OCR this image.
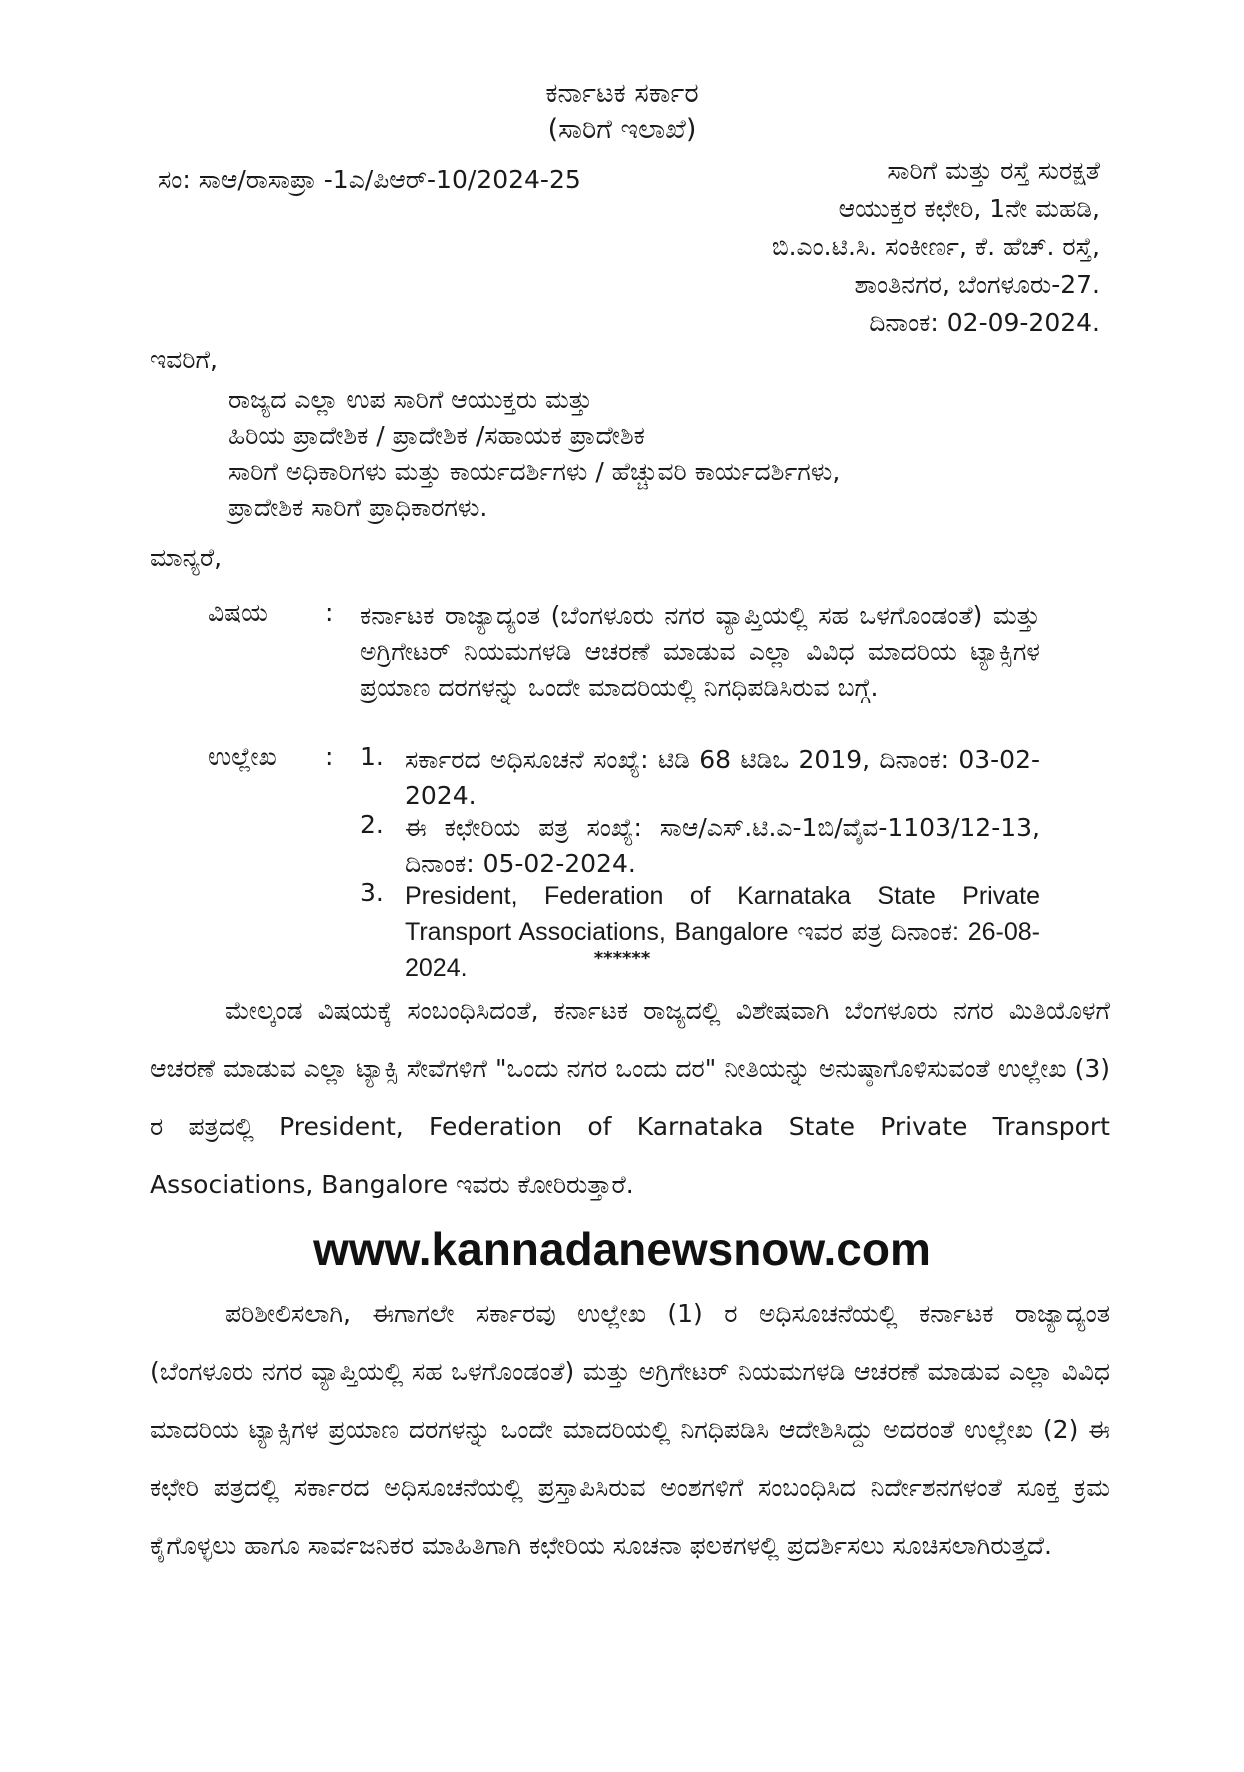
ಕರ್ನಾಟಕ ಸರ್ಕಾರ
(ಸಾರಿಗೆ ಇಲಾಖೆ)
ಸಂ: ಸಾಆ/ರಾಸಾಪ್ರಾ -1ಎ/ಪಿಆರ್-10/2024-25	ಸಾರಿಗೆ ಮತ್ತು ರಸ್ತೆ ಸುರಕ್ಷತೆ
ಆಯುಕ್ತರ ಕಛೇರಿ, 1ನೇ ಮಹಡಿ,
ಬಿ.ಎಂ.ಟಿ.ಸಿ. ಸಂಕೀರ್ಣ, ಕೆ. ಹೆಚ್. ರಸ್ತೆ,
ಶಾಂತಿನಗರ, ಬೆಂಗಳೂರು-27.
ದಿನಾಂಕ: 02-09-2024.
ಇವರಿಗೆ,
ರಾಜ್ಯದ ಎಲ್ಲಾ ಉಪ ಸಾರಿಗೆ ಆಯುಕ್ತರು ಮತ್ತು
ಹಿರಿಯ ಪ್ರಾದೇಶಿಕ / ಪ್ರಾದೇಶಿಕ /ಸಹಾಯಕ ಪ್ರಾದೇಶಿಕ
ಸಾರಿಗೆ ಅಧಿಕಾರಿಗಳು ಮತ್ತು ಕಾರ್ಯದರ್ಶಿಗಳು / ಹೆಚ್ಚುವರಿ ಕಾರ್ಯದರ್ಶಿಗಳು,
ಪ್ರಾದೇಶಿಕ ಸಾರಿಗೆ ಪ್ರಾಧಿಕಾರಗಳು.
ಮಾನ್ಯರೆ,
ವಿಷಯ : ಕರ್ನಾಟಕ ರಾಜ್ಯಾದ್ಯಂತ (ಬೆಂಗಳೂರು ನಗರ ವ್ಯಾಪ್ತಿಯಲ್ಲಿ ಸಹ ಒಳಗೊಂಡಂತೆ) ಮತ್ತು ಅಗ್ರಿಗೇಟರ್ ನಿಯಮಗಳಡಿ ಆಚರಣೆ ಮಾಡುವ ಎಲ್ಲಾ ವಿವಿಧ ಮಾದರಿಯ ಟ್ಯಾಕ್ಸಿಗಳ ಪ್ರಯಾಣ ದರಗಳನ್ನು ಒಂದೇ ಮಾದರಿಯಲ್ಲಿ ನಿಗಧಿಪಡಿಸಿರುವ ಬಗ್ಗೆ.
ಉಲ್ಲೇಖ : 1. ಸರ್ಕಾರದ ಅಧಿಸೂಚನೆ ಸಂಖ್ಯೆ: ಟಿಡಿ 68 ಟಿಡಿಒ 2019, ದಿನಾಂಕ: 03-02-2024.
2. ಈ ಕಛೇರಿಯ ಪತ್ರ ಸಂಖ್ಯೆ: ಸಾಆ/ಎಸ್.ಟಿ.ಎ-1ಬಿ/ವೈವ-1103/12-13, ದಿನಾಂಕ: 05-02-2024.
3. President, Federation of Karnataka State Private Transport Associations, Bangalore ಇವರ ಪತ್ರ ದಿನಾಂಕ: 26-08-2024.	******
ಮೇಲ್ಕಂಡ ವಿಷಯಕ್ಕೆ ಸಂಬಂಧಿಸಿದಂತೆ, ಕರ್ನಾಟಕ ರಾಜ್ಯದಲ್ಲಿ ವಿಶೇಷವಾಗಿ ಬೆಂಗಳೂರು ನಗರ ಮಿತಿಯೊಳಗೆ ಆಚರಣೆ ಮಾಡುವ ಎಲ್ಲಾ ಟ್ಯಾಕ್ಸಿ ಸೇವೆಗಳಿಗೆ "ಒಂದು ನಗರ ಒಂದು ದರ" ನೀತಿಯನ್ನು ಅನುಷ್ಠಾಗೊಳಿಸುವಂತೆ ಉಲ್ಲೇಖ (3) ರ ಪತ್ರದಲ್ಲಿ President, Federation of Karnataka State Private Transport Associations, Bangalore ಇವರು ಕೋರಿರುತ್ತಾರೆ.
www.kannadanewsnow.com
ಪರಿಶೀಲಿಸಲಾಗಿ, ಈಗಾಗಲೇ ಸರ್ಕಾರವು ಉಲ್ಲೇಖ (1) ರ ಅಧಿಸೂಚನೆಯಲ್ಲಿ ಕರ್ನಾಟಕ ರಾಜ್ಯಾದ್ಯಂತ (ಬೆಂಗಳೂರು ನಗರ ವ್ಯಾಪ್ತಿಯಲ್ಲಿ ಸಹ ಒಳಗೊಂಡಂತೆ) ಮತ್ತು ಅಗ್ರಿಗೇಟರ್ ನಿಯಮಗಳಡಿ ಆಚರಣೆ ಮಾಡುವ ಎಲ್ಲಾ ವಿವಿಧ ಮಾದರಿಯ ಟ್ಯಾಕ್ಸಿಗಳ ಪ್ರಯಾಣ ದರಗಳನ್ನು ಒಂದೇ ಮಾದರಿಯಲ್ಲಿ ನಿಗಧಿಪಡಿಸಿ ಆದೇಶಿಸಿದ್ದು ಅದರಂತೆ ಉಲ್ಲೇಖ (2) ಈ ಕಛೇರಿ ಪತ್ರದಲ್ಲಿ ಸರ್ಕಾರದ ಅಧಿಸೂಚನೆಯಲ್ಲಿ ಪ್ರಸ್ತಾಪಿಸಿರುವ ಅಂಶಗಳಿಗೆ ಸಂಬಂಧಿಸಿದ ನಿರ್ದೇಶನಗಳಂತೆ ಸೂಕ್ತ ಕ್ರಮ ಕೈಗೊಳ್ಳಲು ಹಾಗೂ ಸಾರ್ವಜನಿಕರ ಮಾಹಿತಿಗಾಗಿ ಕಛೇರಿಯ ಸೂಚನಾ ಫಲಕಗಳಲ್ಲಿ ಪ್ರದರ್ಶಿಸಲು ಸೂಚಿಸಲಾಗಿರುತ್ತದೆ.
